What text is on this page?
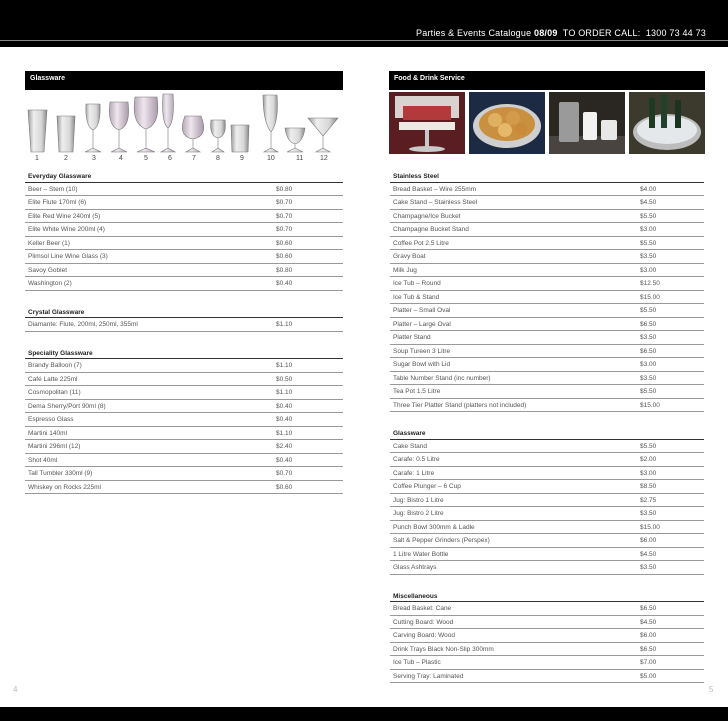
Parties & Events Catalogue 08/09 TO ORDER CALL: 1300 73 44 73
Glassware
1	2	3	4	5	6	7	8	9	10	11 12
Everyday Glassware
Beer – Stem (10)	$0.80
Elite Flute 170ml (6)	$0.70
Elite Red Wine 240ml (5)	$0.70
Elite White Wine 200ml (4)	$0.70
Keller Beer (1)	$0.60
Plimsol Line Wine Glass (3)	$0.60
Savoy Goblet	$0.80
Washington (2)	$0.40
Crystal Glassware
Diamante: Flute, 200ml, 250ml, 355ml	$1.10
Speciality Glassware
Brandy Balloon (7)	$1.10
Café Latte 225ml	$0.50
Cosmopolitan (11)	$1.10
Dema Sherry/Port 90ml (8)	$0.40
Espresso Glass	$0.40
Martini 140ml	$1.10
Martini 296ml (12)	$2.40
Shot 40ml	$0.40
Tall Tumbler 330ml (9)	$0.70
Whiskey on Rocks 225ml	$0.60
Food & Drink Service
Stainless Steel
Bread Basket – Wire 255mm	$4.00
Cake Stand – Stainless Steel	$4.50
Champagne/Ice Bucket	$5.50
Champagne Bucket Stand	$3.00
Coffee Pot 2.5 Litre	$5.50
Gravy Boat	$3.50
Milk Jug	$3.00
Ice Tub – Round	$12.50
Ice Tub & Stand	$15.00
Platter – Small Oval	$5.50
Platter – Large Oval	$6.50
Platter Stand	$3.50
Soup Tureen 3 Litre	$6.50
Sugar Bowl with Lid	$3.00
Table Number Stand (inc number)	$3.50
Tea Pot 1.5 Litre	$5.50
Three Tier Platter Stand (platters not included)	$15.00
Glassware
Cake Stand	$5.50
Carafe: 0.5 Litre	$2.00
Carafe: 1 Litre	$3.00
Coffee Plunger – 6 Cup	$8.50
Jug: Bistro 1 Litre	$2.75
Jug: Bistro 2 Litre	$3.50
Punch Bowl 300mm & Ladle	$15.00
Salt & Pepper Grinders (Perspex)	$6.00
1 Litre Water Bottle	$4.50
Glass Ashtrays	$3.50
Miscellaneous
Bread Basket: Cane	$6.50
Cutting Board: Wood	$4.50
Carving Board: Wood	$6.00
Drink Trays Black Non-Slip 300mm	$6.50
Ice Tub – Plastic	$7.00
Serving Tray: Laminated	$5.00
4	5
